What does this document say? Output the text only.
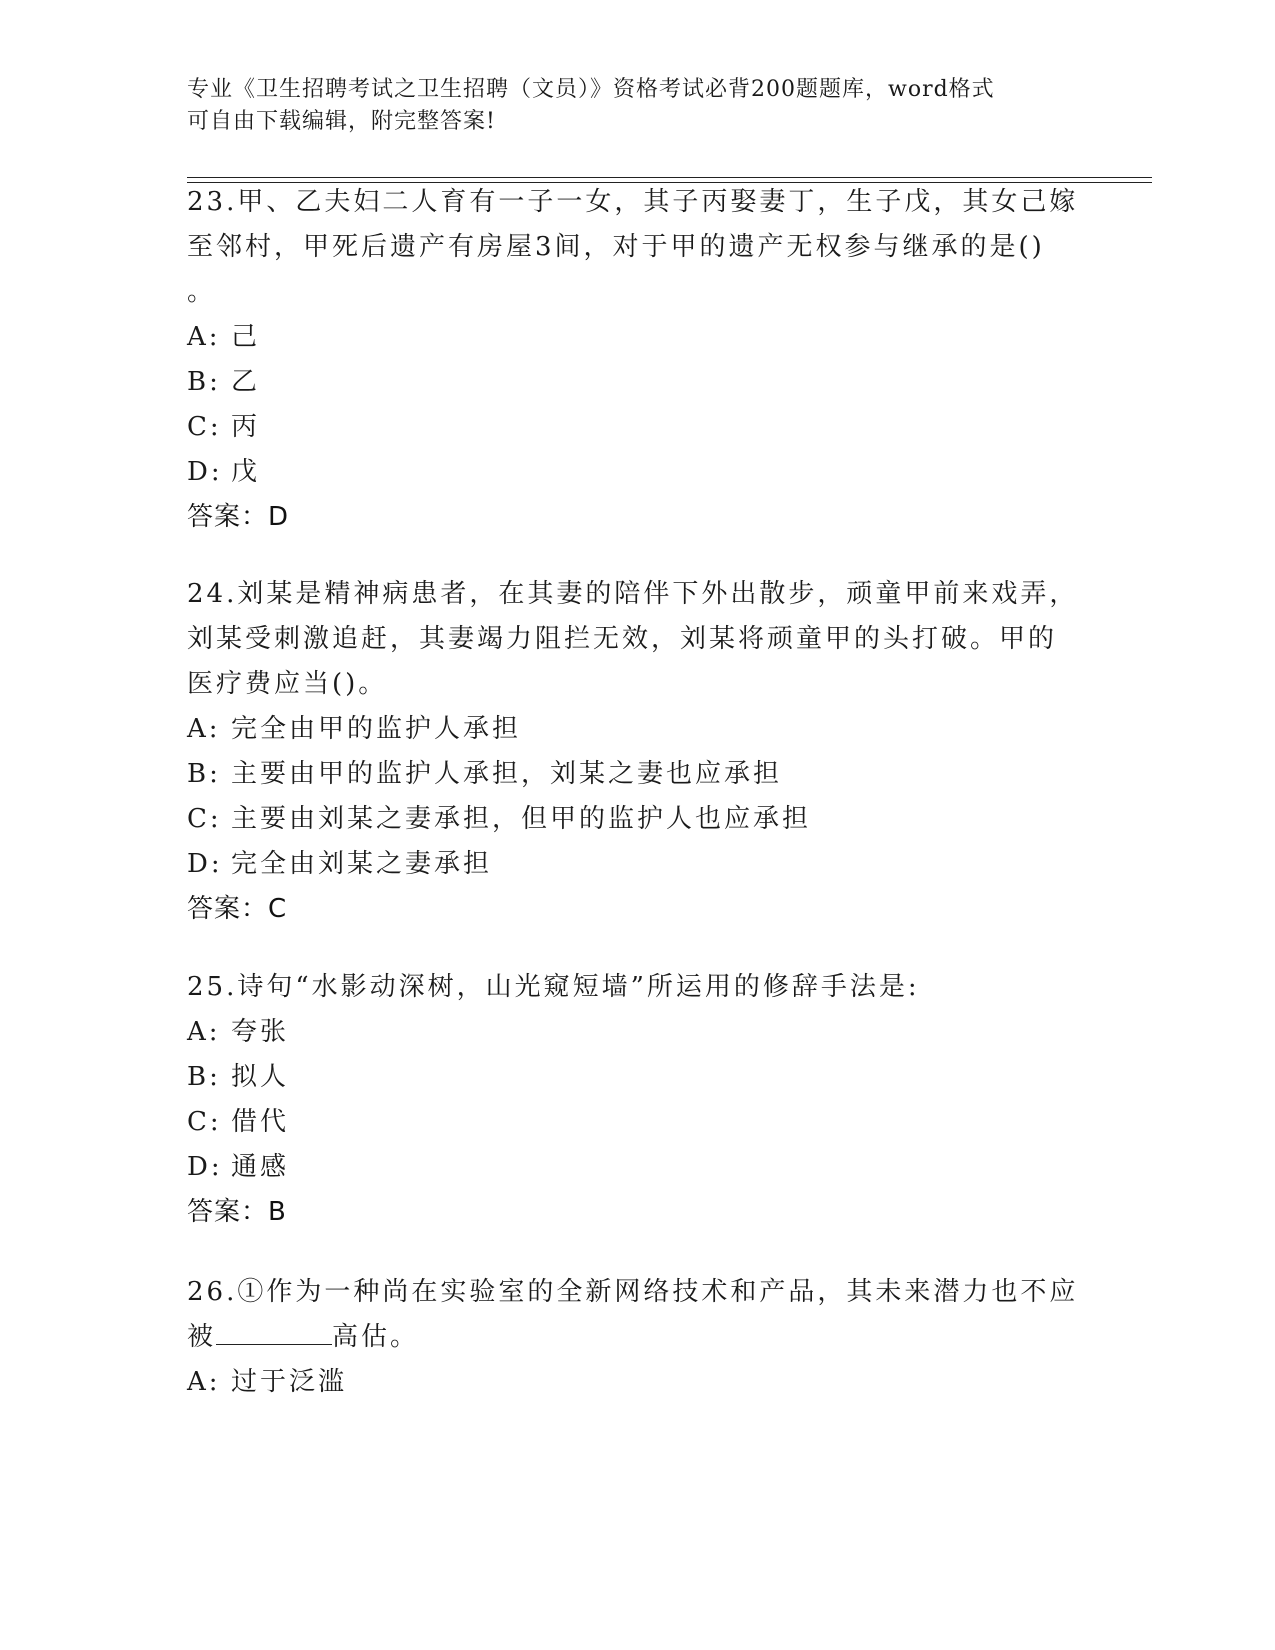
专业《卫生招聘考试之卫生招聘（文员）》资格考试必背200题题库，word格式
可自由下载编辑，附完整答案!
23.甲、乙夫妇二人育有一子一女，其子丙娶妻丁，生子戊，其女己嫁
至邻村，甲死后遗产有房屋3间，对于甲的遗产无权参与继承的是()
。
A: 己
B: 乙
C: 丙
D: 戊
答案：D
24.刘某是精神病患者，在其妻的陪伴下外出散步，顽童甲前来戏弄，
刘某受刺激追赶，其妻竭力阻拦无效，刘某将顽童甲的头打破。甲的
医疗费应当()。
A: 完全由甲的监护人承担
B: 主要由甲的监护人承担，刘某之妻也应承担
C: 主要由刘某之妻承担，但甲的监护人也应承担
D: 完全由刘某之妻承担
答案：C
25.诗句“水影动深树，山光窥短墙”所运用的修辞手法是:
A: 夸张
B: 拟人
C: 借代
D: 通感
答案：B
26.①作为一种尚在实验室的全新网络技术和产品，其未来潜力也不应
被	高估。
A: 过于泛滥
